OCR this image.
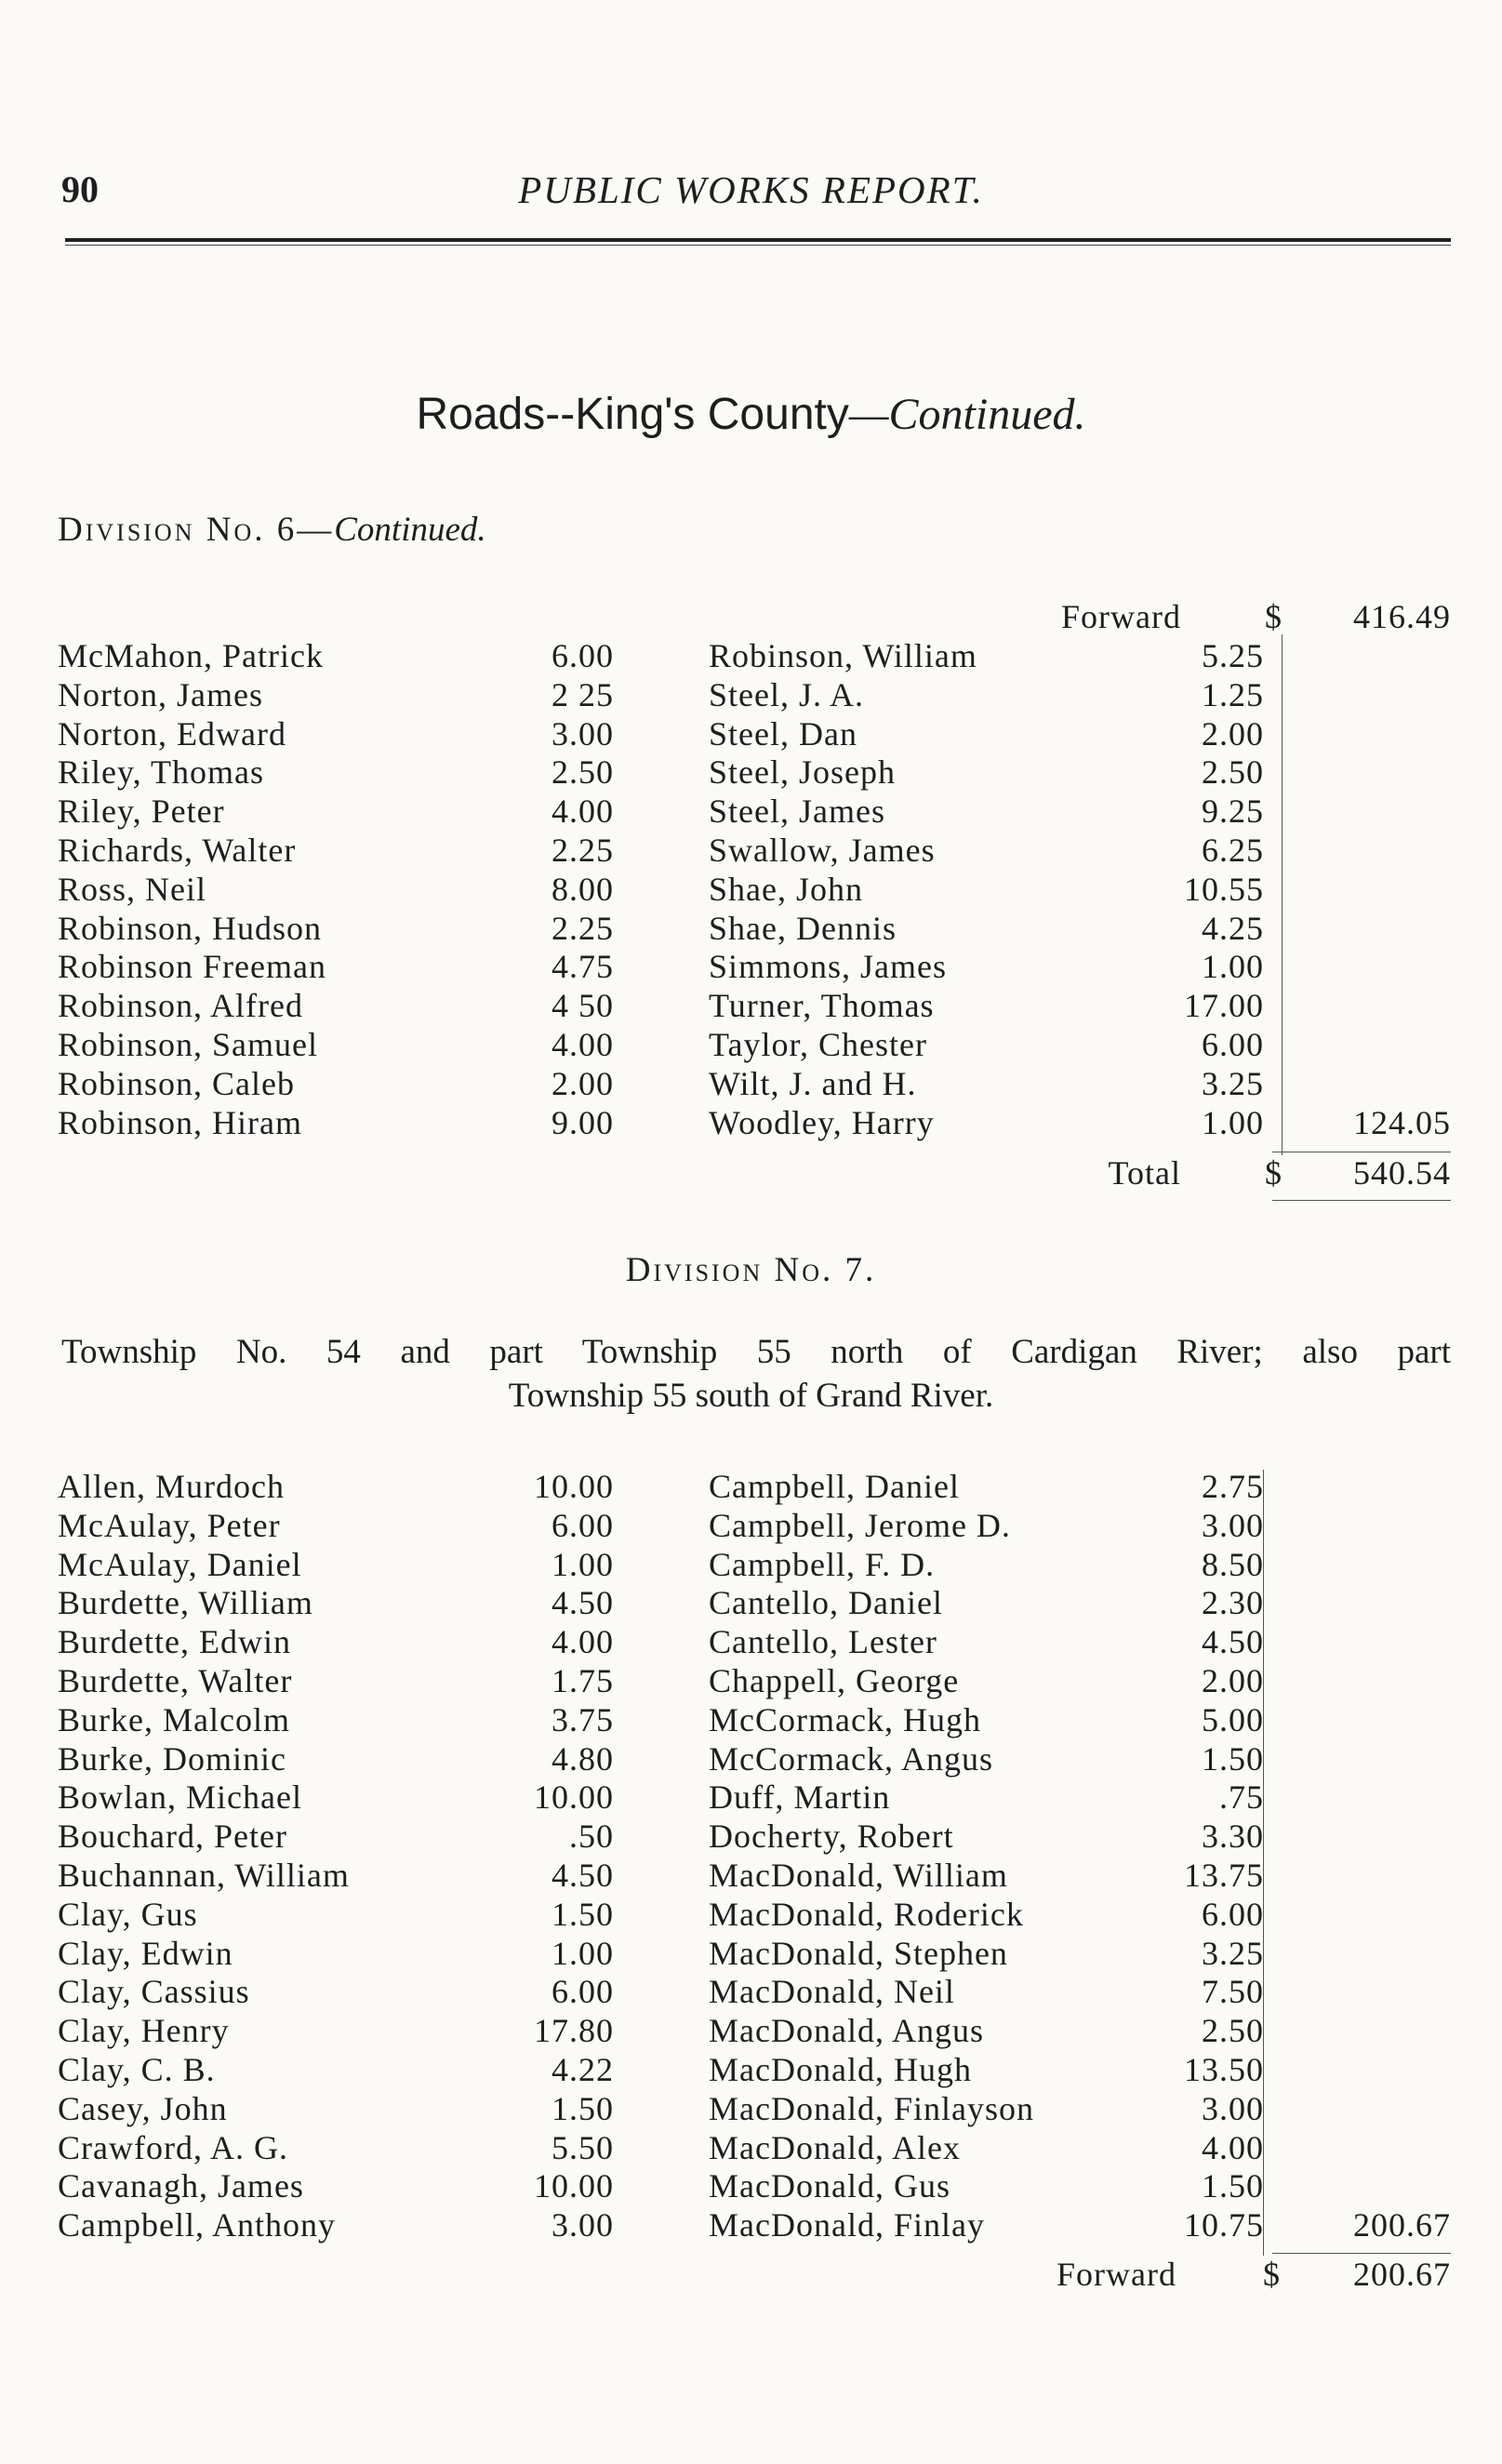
90	PUBLIC WORKS REPORT.
Roads--King's County—Continued.
Division No. 6—Continued.
Forward	$ 416.49
McMahon, Patrick	6.00	Robinson, William	5.25
Norton, James	2 25	Steel, J. A.	1.25
Norton, Edward	3.00	Steel, Dan	2.00
Riley, Thomas	2.50	Steel, Joseph	2.50
Riley, Peter	4.00	Steel, James	9.25
Richards, Walter	2.25	Swallow, James	6.25
Ross, Neil	8.00	Shae, John	10.55
Robinson, Hudson	2.25	Shae, Dennis	4.25
Robinson Freeman	4.75	Simmons, James	1.00
Robinson, Alfred	4 50	Turner, Thomas	17.00
Robinson, Samuel	4.00	Taylor, Chester	6.00
Robinson, Caleb	2.00	Wilt, J. and H.	3.25
Robinson, Hiram	9.00	Woodley, Harry	1.00	124.05
Total	$ 540.54
Division No. 7.
Township No. 54 and part Township 55 north of Cardigan River; also part
Township 55 south of Grand River.
Allen, Murdoch	10.00	Campbell, Daniel	2.75
McAulay, Peter	6.00	Campbell, Jerome D.	3.00
McAulay, Daniel	1.00	Campbell, F. D.	8.50
Burdette, William	4.50	Cantello, Daniel	2.30
Burdette, Edwin	4.00	Cantello, Lester	4.50
Burdette, Walter	1.75	Chappell, George	2.00
Burke, Malcolm	3.75	McCormack, Hugh	5.00
Burke, Dominic	4.80	McCormack, Angus	1.50
Bowlan, Michael	10.00	Duff, Martin	.75
Bouchard, Peter	.50	Docherty, Robert	3.30
Buchannan, William	4.50	MacDonald, William	13.75
Clay, Gus	1.50	MacDonald, Roderick	6.00
Clay, Edwin	1.00	MacDonald, Stephen	3.25
Clay, Cassius	6.00	MacDonald, Neil	7.50
Clay, Henry	17.80	MacDonald, Angus	2.50
Clay, C. B.	4.22	MacDonald, Hugh	13.50
Casey, John	1.50	MacDonald, Finlayson	3.00
Crawford, A. G.	5.50	MacDonald, Alex	4.00
Cavanagh, James	10.00	MacDonald, Gus	1.50
Campbell, Anthony	3.00	MacDonald, Finlay	10.75	200.67
Forward	$ 200.67
